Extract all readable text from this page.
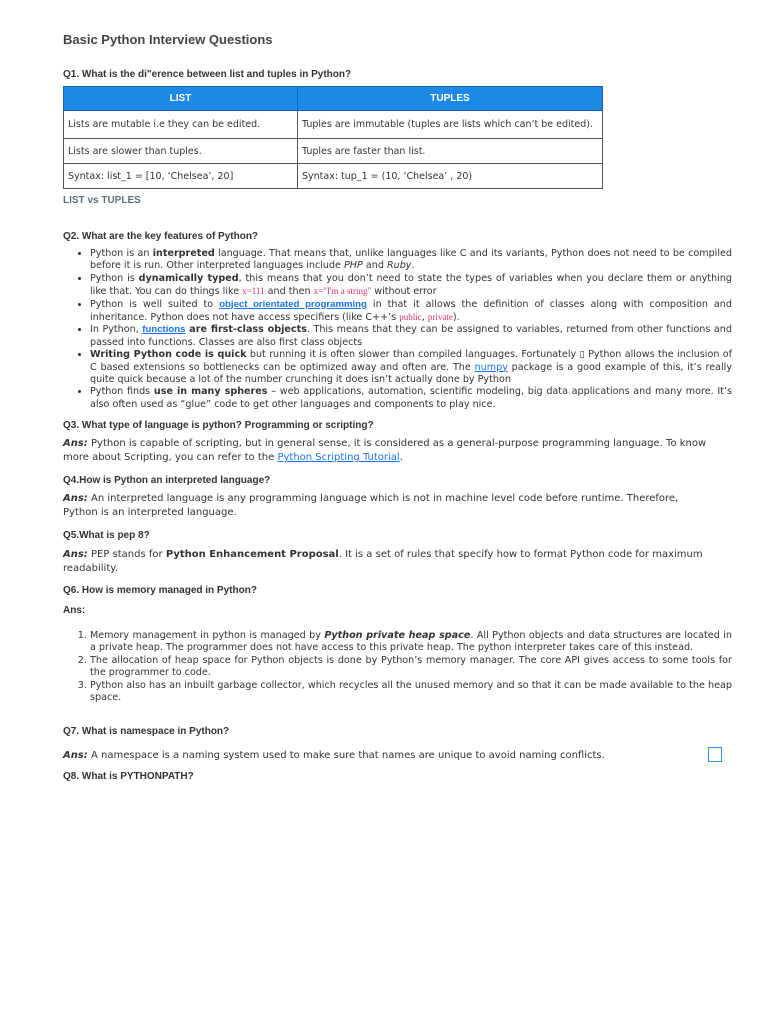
Basic Python Interview Questions
Q1. What is the di"erence between list and tuples in Python?
LIST	TUPLES
Lists are mutable i.e they can be edited.	Tuples are immutable (tuples are lists which can’t be edited).
Lists are slower than tuples.	Tuples are faster than list.
Syntax: list_1 = [10, ‘Chelsea’, 20]	Syntax: tup_1 = (10, ‘Chelsea’ , 20)
LIST vs TUPLES
Q2. What are the key features of Python?
• Python is an interpreted language. That means that, unlike languages like C and its variants, Python does not need to be compiled before it is run. Other interpreted languages include PHP and Ruby.
• Python is dynamically typed, this means that you don’t need to state the types of variables when you declare them or anything like that. You can do things like x=111 and then x="I'm a string" without error
• Python is well suited to object orientated programming in that it allows the definition of classes along with composition and inheritance. Python does not have access specifiers (like C++’s public, private).
• In Python, functions are first-class objects. This means that they can be assigned to variables, returned from other functions and passed into functions. Classes are also first class objects
• Writing Python code is quick but running it is often slower than compiled languages. Fortunately ▯ Python allows the inclusion of C based extensions so bottlenecks can be optimized away and often are. The numpy package is a good example of this, it’s really quite quick because a lot of the number crunching it does isn’t actually done by Python
• Python finds use in many spheres – web applications, automation, scientific modeling, big data applications and many more. It’s also often used as “glue” code to get other languages and components to play nice.
Q3. What type of language is python? Programming or scripting?
Ans: Python is capable of scripting, but in general sense, it is considered as a general-purpose programming language. To know more about Scripting, you can refer to the Python Scripting Tutorial.
Q4.How is Python an interpreted language?
Ans: An interpreted language is any programming language which is not in machine level code before runtime. Therefore,
Python is an interpreted language.
Q5.What is pep 8?
Ans: PEP stands for Python Enhancement Proposal. It is a set of rules that specify how to format Python code for maximum readability.
Q6. How is memory managed in Python?
Ans:
1. Memory management in python is managed by Python private heap space. All Python objects and data structures are located in a private heap. The programmer does not have access to this private heap. The python interpreter takes care of this instead.
2. The allocation of heap space for Python objects is done by Python’s memory manager. The core API gives access to some tools for the programmer to code.
3. Python also has an inbuilt garbage collector, which recycles all the unused memory and so that it can be made available to the heap space.
Q7. What is namespace in Python?
Ans: A namespace is a naming system used to make sure that names are unique to avoid naming conflicts.
Q8. What is PYTHONPATH?
